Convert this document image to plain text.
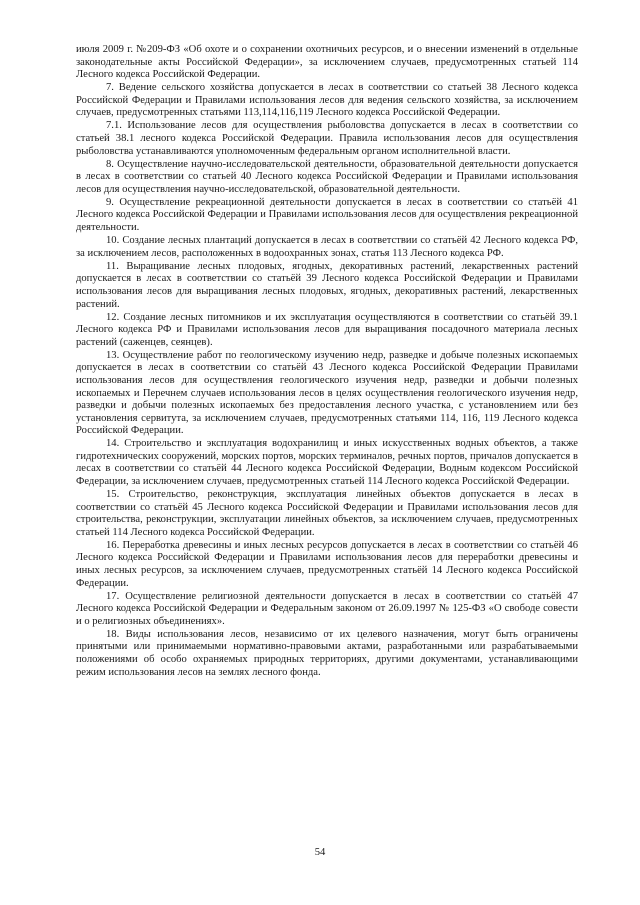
июля 2009 г. №209-ФЗ «Об охоте и о сохранении охотничьих ресурсов, и о внесении изменений в отдельные законодательные акты Российской Федерации», за исключением случаев, предусмотренных статьей 114 Лесного кодекса Российской Федерации.

7. Ведение сельского хозяйства допускается в лесах в соответствии со статьей 38 Лесного кодекса Российской Федерации и Правилами использования лесов для ведения сельского хозяйства, за исключением случаев, предусмотренных статьями 113,114,116,119 Лесного кодекса Российской Федерации.

7.1. Использование лесов для осуществления рыболовства допускается в лесах в соответствии со статьей 38.1 лесного кодекса Российской Федерации. Правила использования лесов для осуществления рыболовства устанавливаются уполномоченным федеральным органом исполнительной власти.

8. Осуществление научно-исследовательской деятельности, образовательной деятельности допускается в лесах в соответствии со статьей 40 Лесного кодекса Российской Федерации и Правилами использования лесов для осуществления научно-исследовательской, образовательной деятельности.

9. Осуществление рекреационной деятельности допускается в лесах в соответствии со статьёй 41 Лесного кодекса Российской Федерации и Правилами использования лесов для осуществления рекреационной деятельности.

10. Создание лесных плантаций допускается в лесах в соответствии со статьёй 42 Лесного кодекса РФ, за исключением лесов, расположенных в водоохранных зонах, статья 113 Лесного кодекса РФ.

11. Выращивание лесных плодовых, ягодных, декоративных растений, лекарственных растений допускается в лесах в соответствии со статьёй 39 Лесного кодекса Российской Федерации и Правилами использования лесов для выращивания лесных плодовых, ягодных, декоративных растений, лекарственных растений.

12. Создание лесных питомников и их эксплуатация осуществляются в соответствии со статьёй 39.1 Лесного кодекса РФ и Правилами использования лесов для выращивания посадочного материала лесных растений (саженцев, сеянцев).

13. Осуществление работ по геологическому изучению недр, разведке и добыче полезных ископаемых допускается в лесах в соответствии со статьёй 43 Лесного кодекса Российской Федерации Правилами использования лесов для осуществления геологического изучения недр, разведки и добычи полезных ископаемых и Перечнем случаев использования лесов в целях осуществления геологического изучения недр, разведки и добычи полезных ископаемых без предоставления лесного участка, с установлением или без установления сервитута, за исключением случаев, предусмотренных статьями 114, 116, 119 Лесного кодекса Российской Федерации.

14. Строительство и эксплуатация водохранилищ и иных искусственных водных объектов, а также гидротехнических сооружений, морских портов, морских терминалов, речных портов, причалов допускается в лесах в соответствии со статьёй 44 Лесного кодекса Российской Федерации, Водным кодексом Российской Федерации, за исключением случаев, предусмотренных статьей 114 Лесного кодекса Российской Федерации.

15. Строительство, реконструкция, эксплуатация линейных объектов допускается в лесах в соответствии со статьёй 45 Лесного кодекса Российской Федерации и Правилами использования лесов для строительства, реконструкции, эксплуатации линейных объектов, за исключением случаев, предусмотренных статьей 114 Лесного кодекса Российской Федерации.

16. Переработка древесины и иных лесных ресурсов допускается в лесах в соответствии со статьёй 46 Лесного кодекса Российской Федерации и Правилами использования лесов для переработки древесины и иных лесных ресурсов, за исключением случаев, предусмотренных статьёй 14 Лесного кодекса Российской Федерации.

17. Осуществление религиозной деятельности допускается в лесах в соответствии со статьёй 47 Лесного кодекса Российской Федерации и Федеральным законом от 26.09.1997 № 125-ФЗ «О свободе совести и о религиозных объединениях».

18. Виды использования лесов, независимо от их целевого назначения, могут быть ограничены принятыми или принимаемыми нормативно-правовыми актами, разработанными или разрабатываемыми положениями об особо охраняемых природных территориях, другими документами, устанавливающими режим использования лесов на землях лесного фонда.

54
